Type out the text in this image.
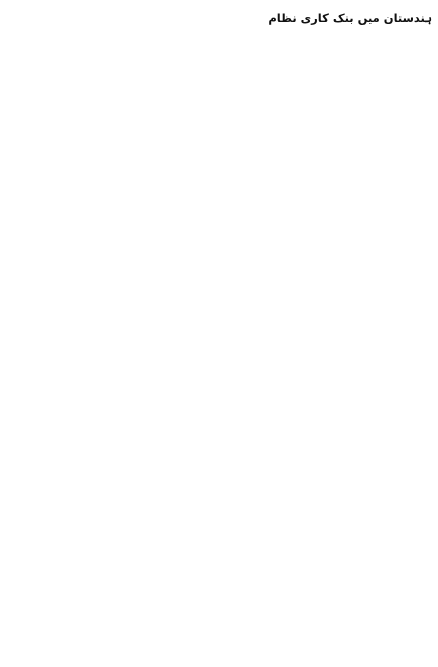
ہندستان میں بنک کاری نظام
